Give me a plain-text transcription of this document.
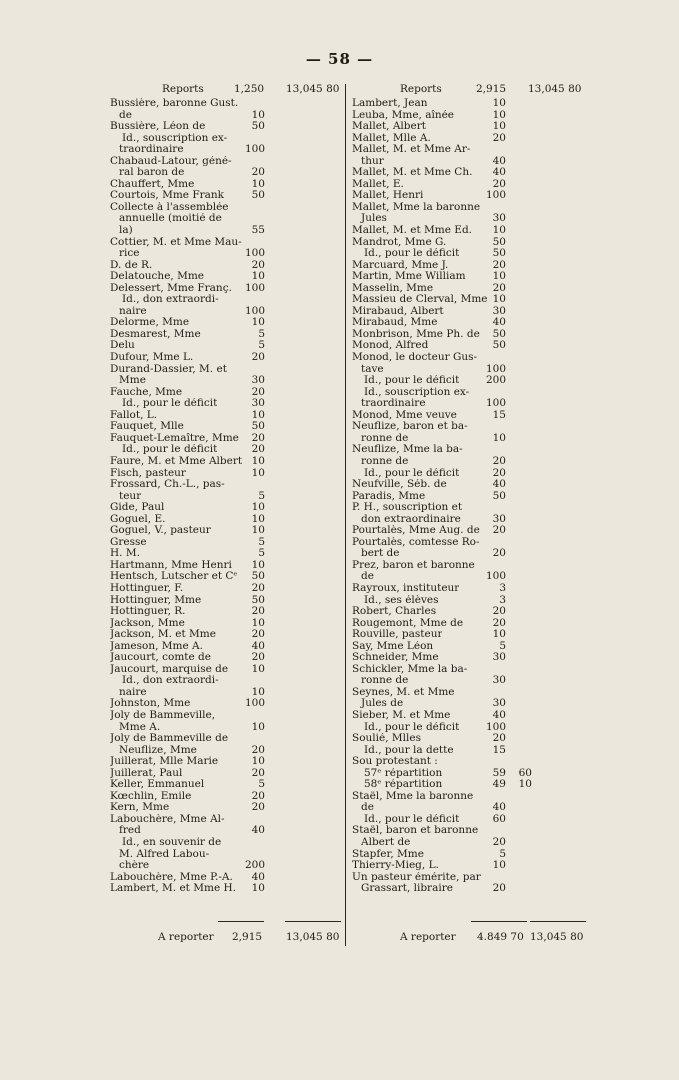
— 58 —
Reports	1,250 13,045 80
Bussière, baronne Gust.
de	10
Bussière, Léon de	50
Id., souscription ex-
traordinaire	100
Chabaud-Latour, géné-
ral baron de	20
Chauffert, Mme	10
Courtois, Mme Frank	50
Collecte à l'assemblée
annuelle (moitié de
la)	55
Cottier, M. et Mme Mau-
rice	100
D. de R.	20
Delatouche, Mme	10
Delessert, Mme Franç.	100
Id., don extraordi-
naire	100
Delorme, Mme	10
Desmarest, Mme	5
Delu	5
Dufour, Mme L.	20
Durand-Dassier, M. et
Mme	30
Fauche, Mme	20
Id., pour le déficit	30
Fallot, L.	10
Fauquet, Mlle	50
Fauquet-Lemaître, Mme	20
Id., pour le déficit	20
Faure, M. et Mme Albert 10
Fisch, pasteur	10
Frossard, Ch.-L., pas-
teur	5
Gide, Paul	10
Goguel, E.	10
Goguel, V., pasteur	10
Gresse	5
H. M.	5
Hartmann, Mme Henri	10
Hentsch, Lutscher et Cᵉ	50
Hottinguer, F.	20
Hottinguer, Mme	50
Hottinguer, R.	20
Jackson, Mme	10
Jackson, M. et Mme	20
Jameson, Mme A.	40
Jaucourt, comte de	20
Jaucourt, marquise de	10
Id., don extraordi-
naire	10
Johnston, Mme	100
Joly de Bammeville,
Mme A.	10
Joly de Bammeville de
Neuflize, Mme	20
Juillerat, Mlle Marie	10
Juillerat, Paul	20
Keller, Emmanuel	5
Kœchlin, Emile	20
Kern, Mme	20
Labouchère, Mme Al-
fred	40
Id., en souvenir de
M. Alfred Labou-
chère	200
Labouchère, Mme P.-A.	40
Lambert, M. et Mme H.	10
Reports	2,915 13,045 80
Lambert, Jean	10
Leuba, Mme, aînée	10
Mallet, Albert	10
Mallet, Mlle A.	20
Mallet, M. et Mme Ar-
thur	40
Mallet, M. et Mme Ch.	40
Mallet, E.	20
Mallet, Henri	100
Mallet, Mme la baronne
Jules	30
Mallet, M. et Mme Ed.	10
Mandrot, Mme G.	50
Id., pour le déficit	50
Marcuard, Mme J.	20
Martin, Mme William	10
Masselin, Mme	20
Massieu de Clerval, Mme 10
Mirabaud, Albert	30
Mirabaud, Mme	40
Monbrison, Mme Ph. de	50
Monod, Alfred	50
Monod, le docteur Gus-
tave	100
Id., pour le déficit	200
Id., souscription ex-
traordinaire	100
Monod, Mme veuve	15
Neuflize, baron et ba-
ronne de	10
Neuflize, Mme la ba-
ronne de	20
Id., pour le déficit	20
Neufville, Séb. de	40
Paradis, Mme	50
P. H., souscription et
don extraordinaire	30
Pourtalès, Mme Aug. de	20
Pourtalès, comtesse Ro-
bert de	20
Prez, baron et baronne
de	100
Rayroux, instituteur	3
Id., ses élèves	3
Robert, Charles	20
Rougemont, Mme de	20
Rouville, pasteur	10
Say, Mme Léon	5
Schneider, Mme	30
Schickler, Mme la ba-
ronne de	30
Seynes, M. et Mme
Jules de	30
Sieber, M. et Mme	40
Id., pour le déficit	100
Soulié, Mlles	20
Id., pour la dette	15
Sou protestant :
57ᵉ répartition	59	60
58ᵉ répartition	49	10
Staël, Mme la baronne
de	40
Id., pour le déficit	60
Staël, baron et baronne
Albert de	20
Stapfer, Mme	5
Thierry-Mieg, L.	10
Un pasteur émérite, par
Grassart, libraire	20
A reporter 2,915 13,045 80	A reporter 4.849 70 13,045 80
